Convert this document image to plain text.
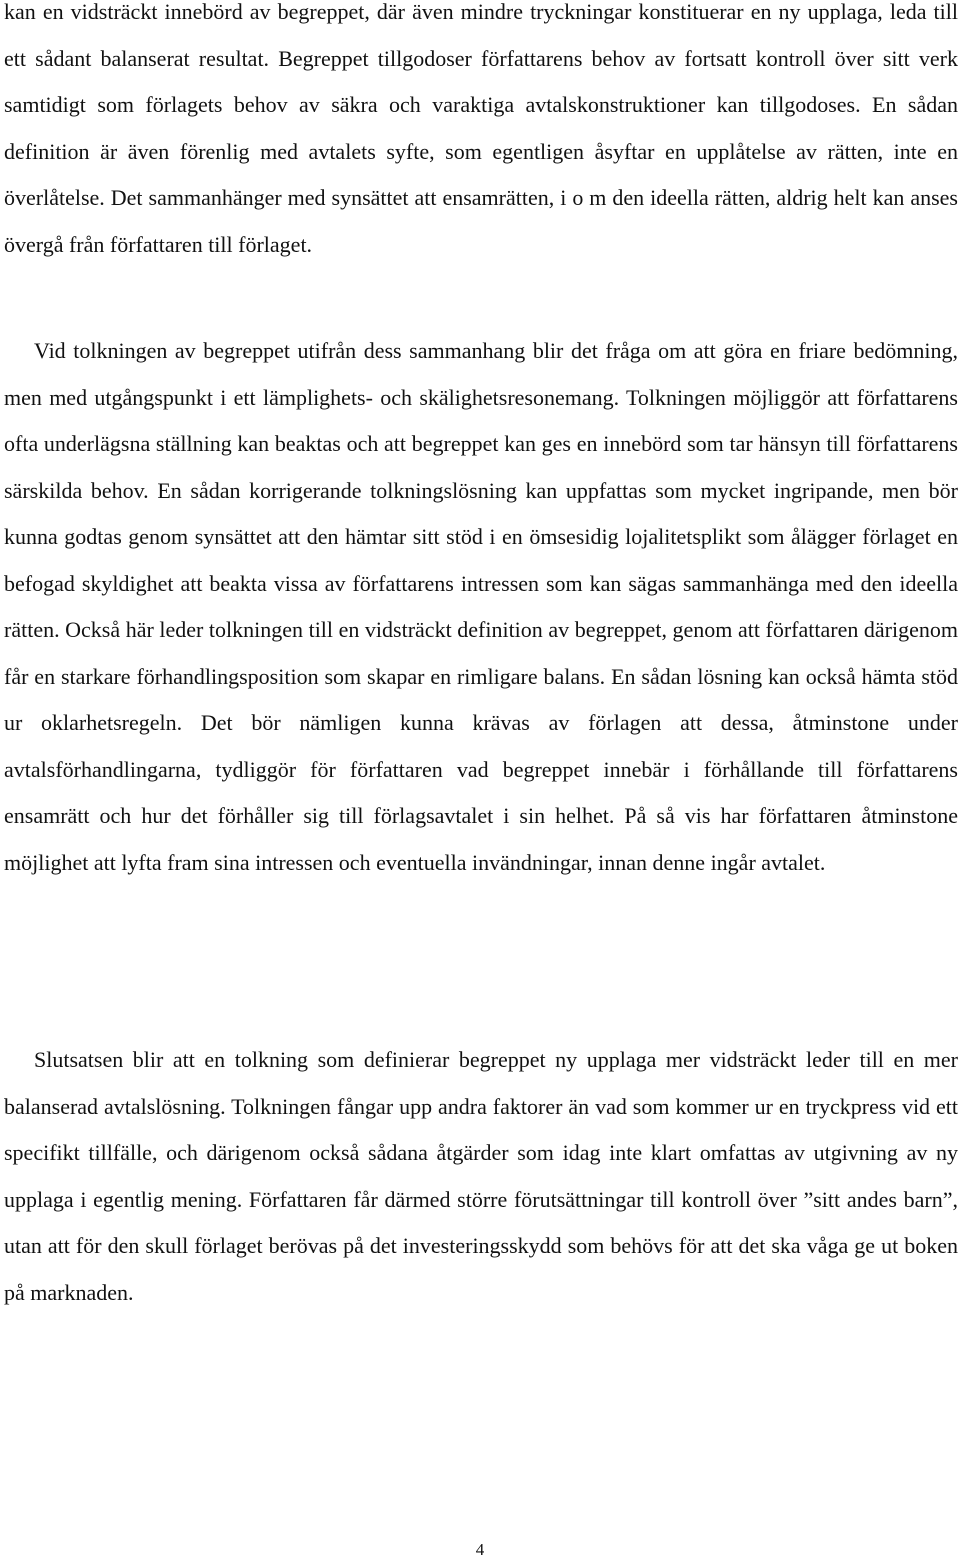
kan en vidsträckt innebörd av begreppet, där även mindre tryckningar konstituerar en ny upplaga, leda till ett sådant balanserat resultat. Begreppet tillgodoser författarens behov av fortsatt kontroll över sitt verk samtidigt som förlagets behov av säkra och varaktiga avtalskonstruktioner kan tillgodoses. En sådan definition är även förenlig med avtalets syfte, som egentligen åsyftar en upplåtelse av rätten, inte en överlåtelse. Det sammanhänger med synsättet att ensamrätten, i o m den ideella rätten, aldrig helt kan anses övergå från författaren till förlaget.

Vid tolkningen av begreppet utifrån dess sammanhang blir det fråga om att göra en friare bedömning, men med utgångspunkt i ett lämplighets- och skälighetsresonemang. Tolkningen möjliggör att författarens ofta underlägsna ställning kan beaktas och att begreppet kan ges en innebörd som tar hänsyn till författarens särskilda behov. En sådan korrigerande tolkningslösning kan uppfattas som mycket ingripande, men bör kunna godtas genom synsättet att den hämtar sitt stöd i en ömsesidig lojalitetsplikt som ålägger förlaget en befogad skyldighet att beakta vissa av författarens intressen som kan sägas sammanhänga med den ideella rätten. Också här leder tolkningen till en vidsträckt definition av begreppet, genom att författaren därigenom får en starkare förhandlingsposition som skapar en rimligare balans. En sådan lösning kan också hämta stöd ur oklarhetsregeln. Det bör nämligen kunna krävas av förlagen att dessa, åtminstone under avtalsförhandlingarna, tydliggör för författaren vad begreppet innebär i förhållande till författarens ensamrätt och hur det förhåller sig till förlagsavtalet i sin helhet. På så vis har författaren åtminstone möjlighet att lyfta fram sina intressen och eventuella invändningar, innan denne ingår avtalet.

Slutsatsen blir att en tolkning som definierar begreppet ny upplaga mer vidsträckt leder till en mer balanserad avtalslösning. Tolkningen fångar upp andra faktorer än vad som kommer ur en tryckpress vid ett specifikt tillfälle, och därigenom också sådana åtgärder som idag inte klart omfattas av utgivning av ny upplaga i egentlig mening. Författaren får därmed större förutsättningar till kontroll över ”sitt andes barn”, utan att för den skull förlaget berövas på det investeringsskydd som behövs för att det ska våga ge ut boken på marknaden.

4
